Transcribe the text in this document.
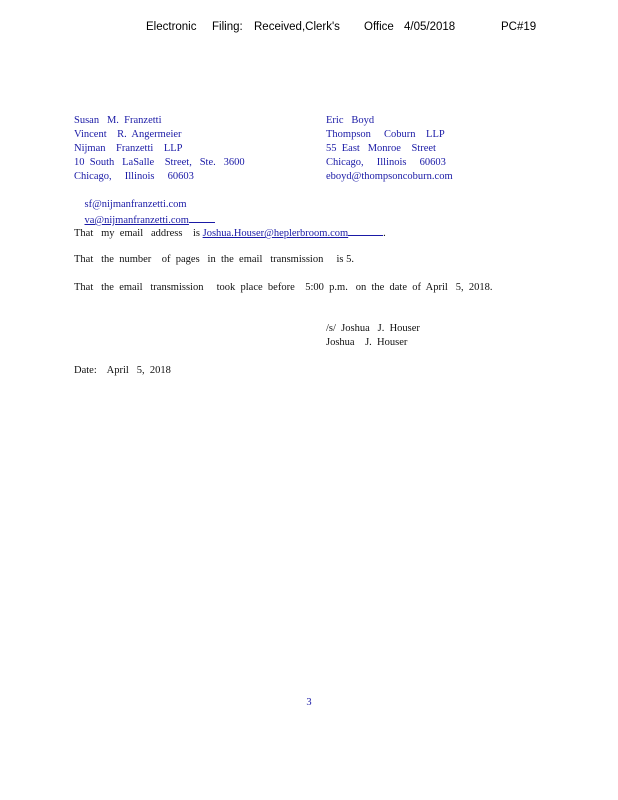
Electronic Filing: Received,Clerk's Office 4/05/2018	PC#19
Susan   M.  Franzetti
Vincent    R.  Angermeier
Nijman    Franzetti    LLP
10  South   LaSalle    Street,   Ste.   3600
Chicago,     Illinois     60603

sf@nijmanfranzetti.com

va@nijmanfranzetti.com

Eric   Boyd
Thompson     Coburn    LLP
55  East   Monroe    Street
Chicago,     Illinois     60603
eboyd@thompsoncoburn.com
That   my  email   address    is Joshua.Houser@heplerbroom.com	.
That   the  number    of  pages   in  the  email   transmission     is 5.
That   the  email   transmission     took  place  before    5:00  p.m.   on  the  date  of  April   5,  2018.
/s/  Joshua   J.  Houser
Joshua    J.  Houser
Date:    April   5,  2018
3
